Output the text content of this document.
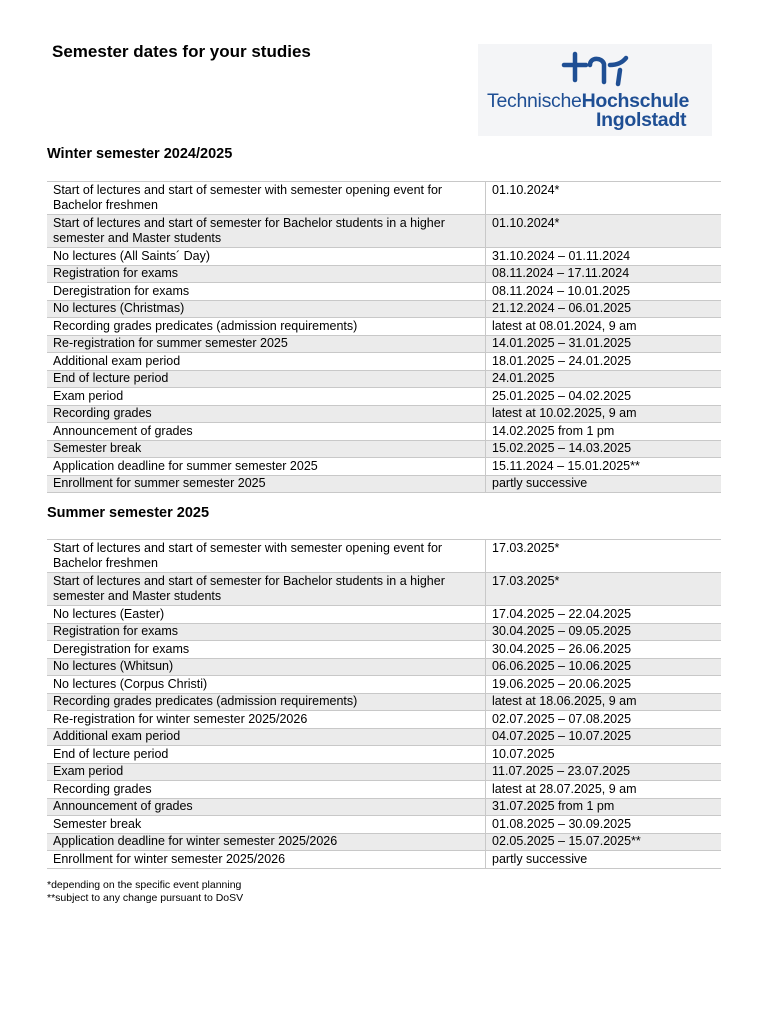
Semester dates for your studies
TechnischeHochschule
Ingolstadt
Winter semester 2024/2025
Start of lectures and start of semester with semester opening event for Bachelor freshmen	01.10.2024*
Start of lectures and start of semester for Bachelor students in a higher semester and Master students	01.10.2024*
No lectures (All Saints´ Day)	31.10.2024 – 01.11.2024
Registration for exams	08.11.2024 – 17.11.2024
Deregistration for exams	08.11.2024 – 10.01.2025
No lectures (Christmas)	21.12.2024 – 06.01.2025
Recording grades predicates (admission requirements)	latest at 08.01.2024, 9 am
Re-registration for summer semester 2025	14.01.2025 – 31.01.2025
Additional exam period	18.01.2025 – 24.01.2025
End of lecture period	24.01.2025
Exam period	25.01.2025 – 04.02.2025
Recording grades	latest at 10.02.2025, 9 am
Announcement of grades	14.02.2025 from 1 pm
Semester break	15.02.2025 – 14.03.2025
Application deadline for summer semester 2025	15.11.2024 – 15.01.2025**
Enrollment for summer semester 2025	partly successive
Summer semester 2025
Start of lectures and start of semester with semester opening event for Bachelor freshmen	17.03.2025*
Start of lectures and start of semester for Bachelor students in a higher semester and Master students	17.03.2025*
No lectures (Easter)	17.04.2025 – 22.04.2025
Registration for exams	30.04.2025 – 09.05.2025
Deregistration for exams	30.04.2025 – 26.06.2025
No lectures (Whitsun)	06.06.2025 – 10.06.2025
No lectures (Corpus Christi)	19.06.2025 – 20.06.2025
Recording grades predicates (admission requirements)	latest at 18.06.2025, 9 am
Re-registration for winter semester 2025/2026	02.07.2025 – 07.08.2025
Additional exam period	04.07.2025 – 10.07.2025
End of lecture period	10.07.2025
Exam period	11.07.2025 – 23.07.2025
Recording grades	latest at 28.07.2025, 9 am
Announcement of grades	31.07.2025 from 1 pm
Semester break	01.08.2025 – 30.09.2025
Application deadline for winter semester 2025/2026	02.05.2025 – 15.07.2025**
Enrollment for winter semester 2025/2026	partly successive
*depending on the specific event planning
**subject to any change pursuant to DoSV
